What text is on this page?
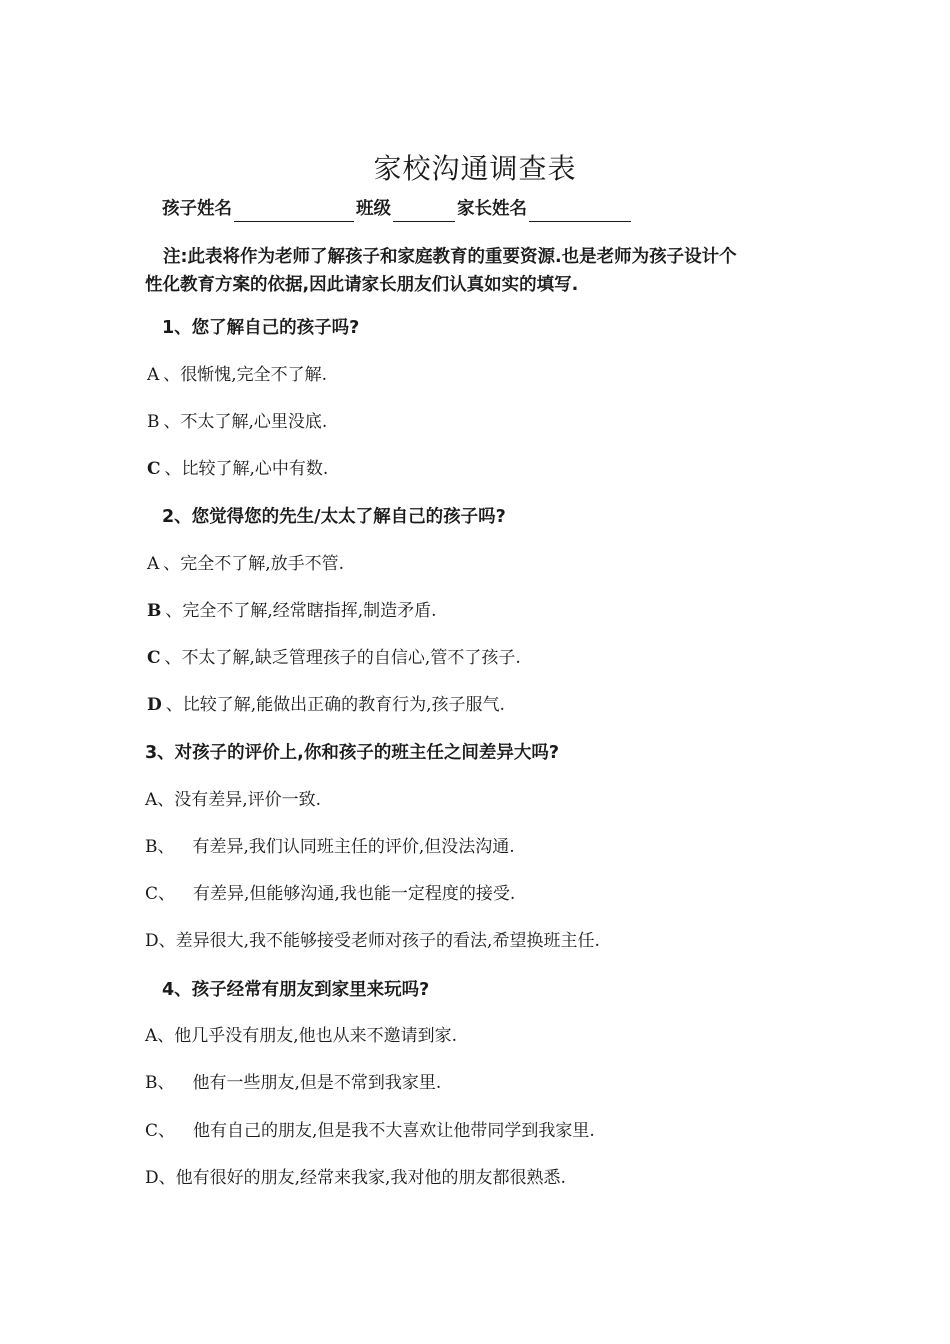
家校沟通调查表
孩子姓名	班级	家长姓名
注:此表将作为老师了解孩子和家庭教育的重要资源.也是老师为孩子设计个
性化教育方案的依据,因此请家长朋友们认真如实的填写.
1、您了解自己的孩子吗?
A 、很惭愧,完全不了解.
B 、不太了解,心里没底.
C 、比较了解,心中有数.
2、您觉得您的先生/太太了解自己的孩子吗?
A 、完全不了解,放手不管.
B 、完全不了解,经常瞎指挥,制造矛盾.
C 、不太了解,缺乏管理孩子的自信心,管不了孩子.
D 、比较了解,能做出正确的教育行为,孩子服气.
3、对孩子的评价上,你和孩子的班主任之间差异大吗?
A、没有差异,评价一致.
B、 有差异,我们认同班主任的评价,但没法沟通.
C、 有差异,但能够沟通,我也能一定程度的接受.
D、差异很大,我不能够接受老师对孩子的看法,希望换班主任.
4、孩子经常有朋友到家里来玩吗?
A、他几乎没有朋友,他也从来不邀请到家.
B、 他有一些朋友,但是不常到我家里.
C、 他有自己的朋友,但是我不大喜欢让他带同学到我家里.
D、他有很好的朋友,经常来我家,我对他的朋友都很熟悉.
